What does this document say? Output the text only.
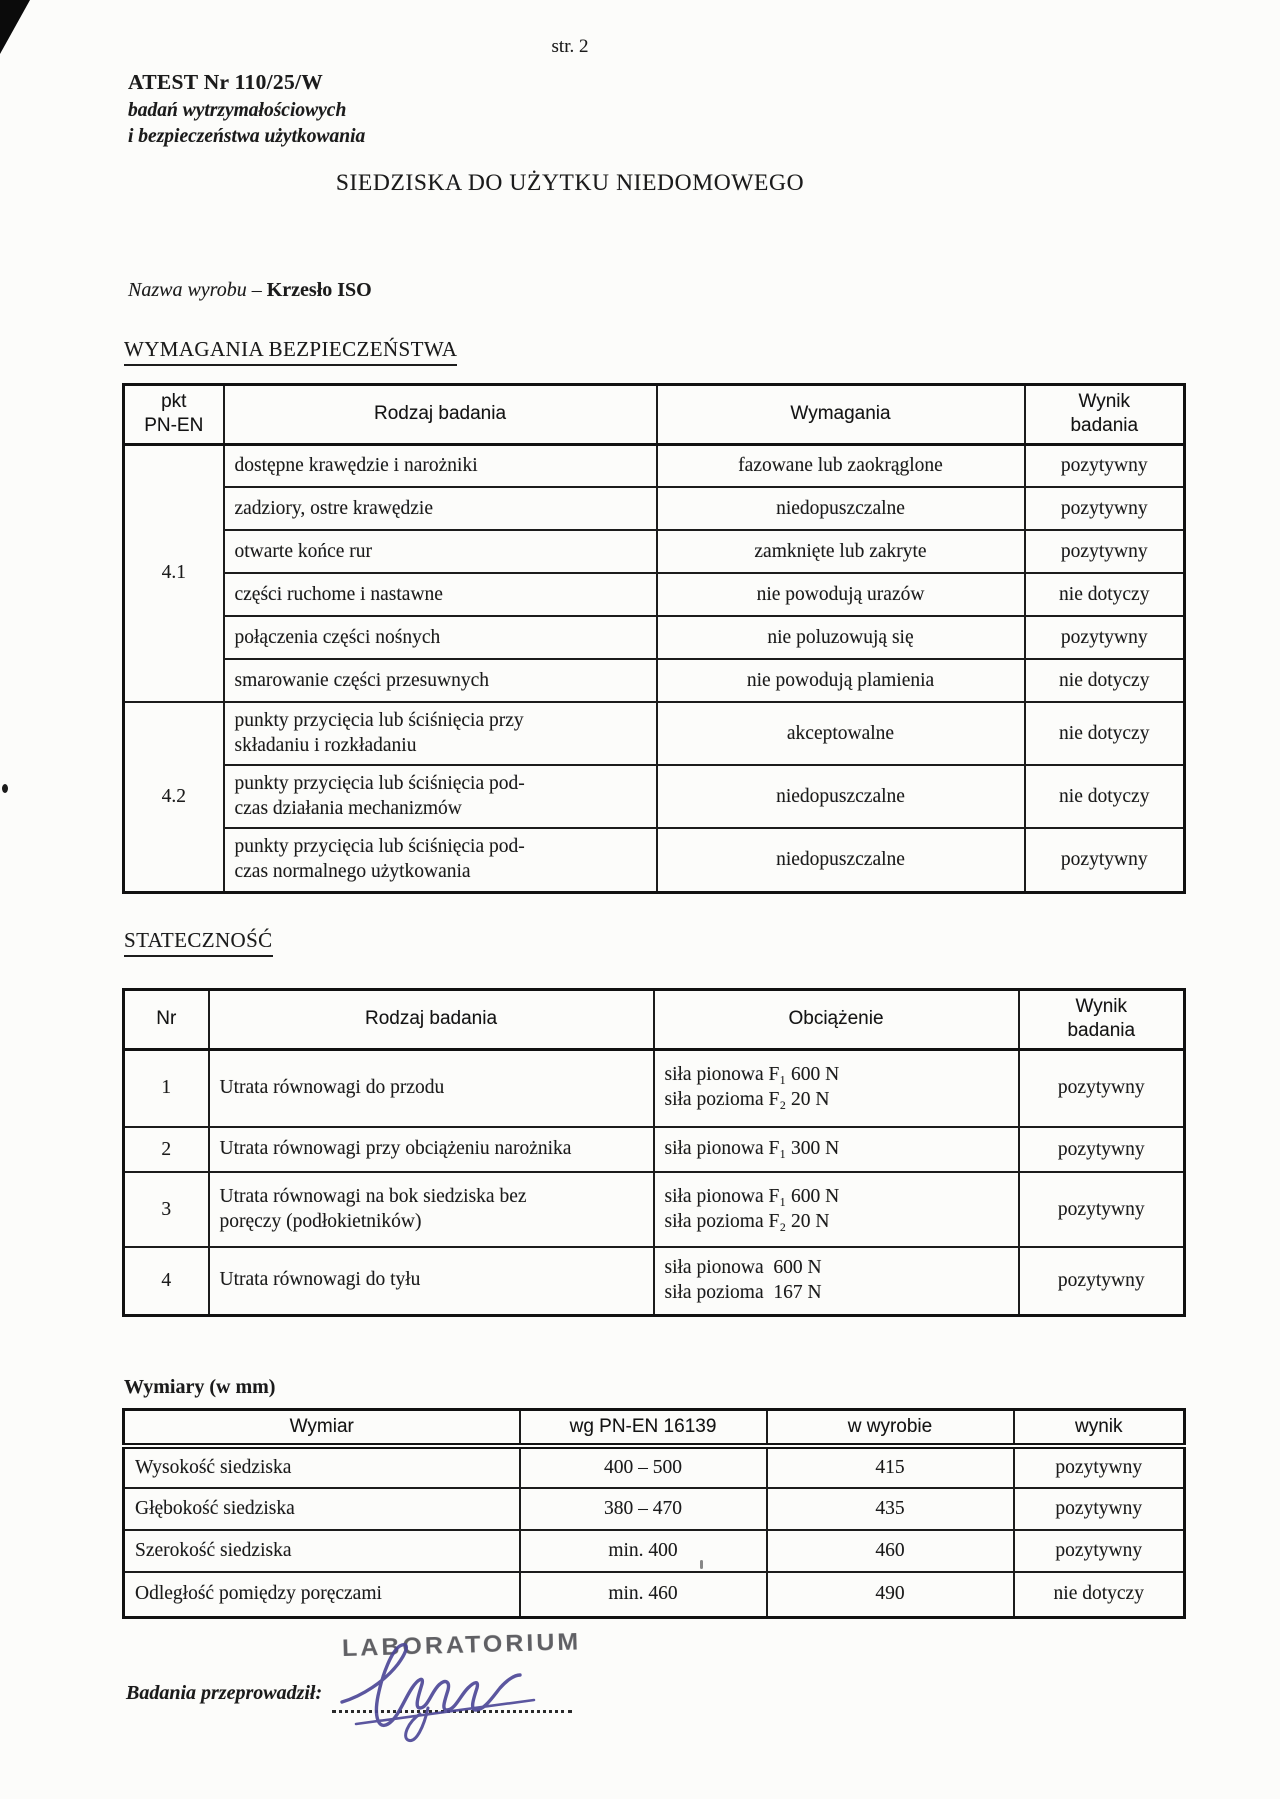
str. 2
ATEST Nr 110/25/W
badań wytrzymałościowych
i bezpieczeństwa użytkowania
SIEDZISKA DO UŻYTKU NIEDOMOWEGO
Nazwa wyrobu – Krzesło ISO
WYMAGANIA BEZPIECZEŃSTWA
pkt
PN-EN	Rodzaj badania	Wymagania	Wynik
badania

4.1	dostępne krawędzie i narożniki	fazowane lub zaokrąglone	pozytywny
	zadziory, ostre krawędzie	niedopuszczalne	pozytywny
	otwarte końce rur	zamknięte lub zakryte	pozytywny
	części ruchome i nastawne	nie powodują urazów	nie dotyczy
	połączenia części nośnych	nie poluzowują się	pozytywny
	smarowanie części przesuwnych	nie powodują plamienia	nie dotyczy
4.2	punkty przycięcia lub ściśnięcia przy
składaniu i rozkładaniu	akceptowalne	nie dotyczy

	punkty przycięcia lub ściśnięcia pod-
czas działania mechanizmów	niedopuszczalne	nie dotyczy

	punkty przycięcia lub ściśnięcia pod-
czas normalnego użytkowania	niedopuszczalne	pozytywny
STATECZNOŚĆ
Nr	Rodzaj badania	Obciążenie	Wynik
badania

1	Utrata równowagi do przodu	siła pionowa F₁ 600 N
siła pozioma F₂ 20 N	pozytywny
2	Utrata równowagi przy obciążeniu narożnika	siła pionowa F₁ 300 N	pozytywny
3	Utrata równowagi na bok siedziska bez
poręczy (podłokietników)	siła pionowa F₁ 600 N
siła pozioma F₂ 20 N	pozytywny
4	Utrata równowagi do tyłu	siła pionowa  600 N
siła pozioma  167 N	pozytywny
Wymiary (w mm)
Wymiar	wg PN-EN 16139	w wyrobie	wynik
Wysokość siedziska	400 – 500	415	pozytywny
Głębokość siedziska	380 – 470	435	pozytywny
Szerokość siedziska	min. 400	460	pozytywny
Odległość pomiędzy poręczami	min. 460	490	nie dotyczy
LABORATORIUM
Badania przeprowadził:
